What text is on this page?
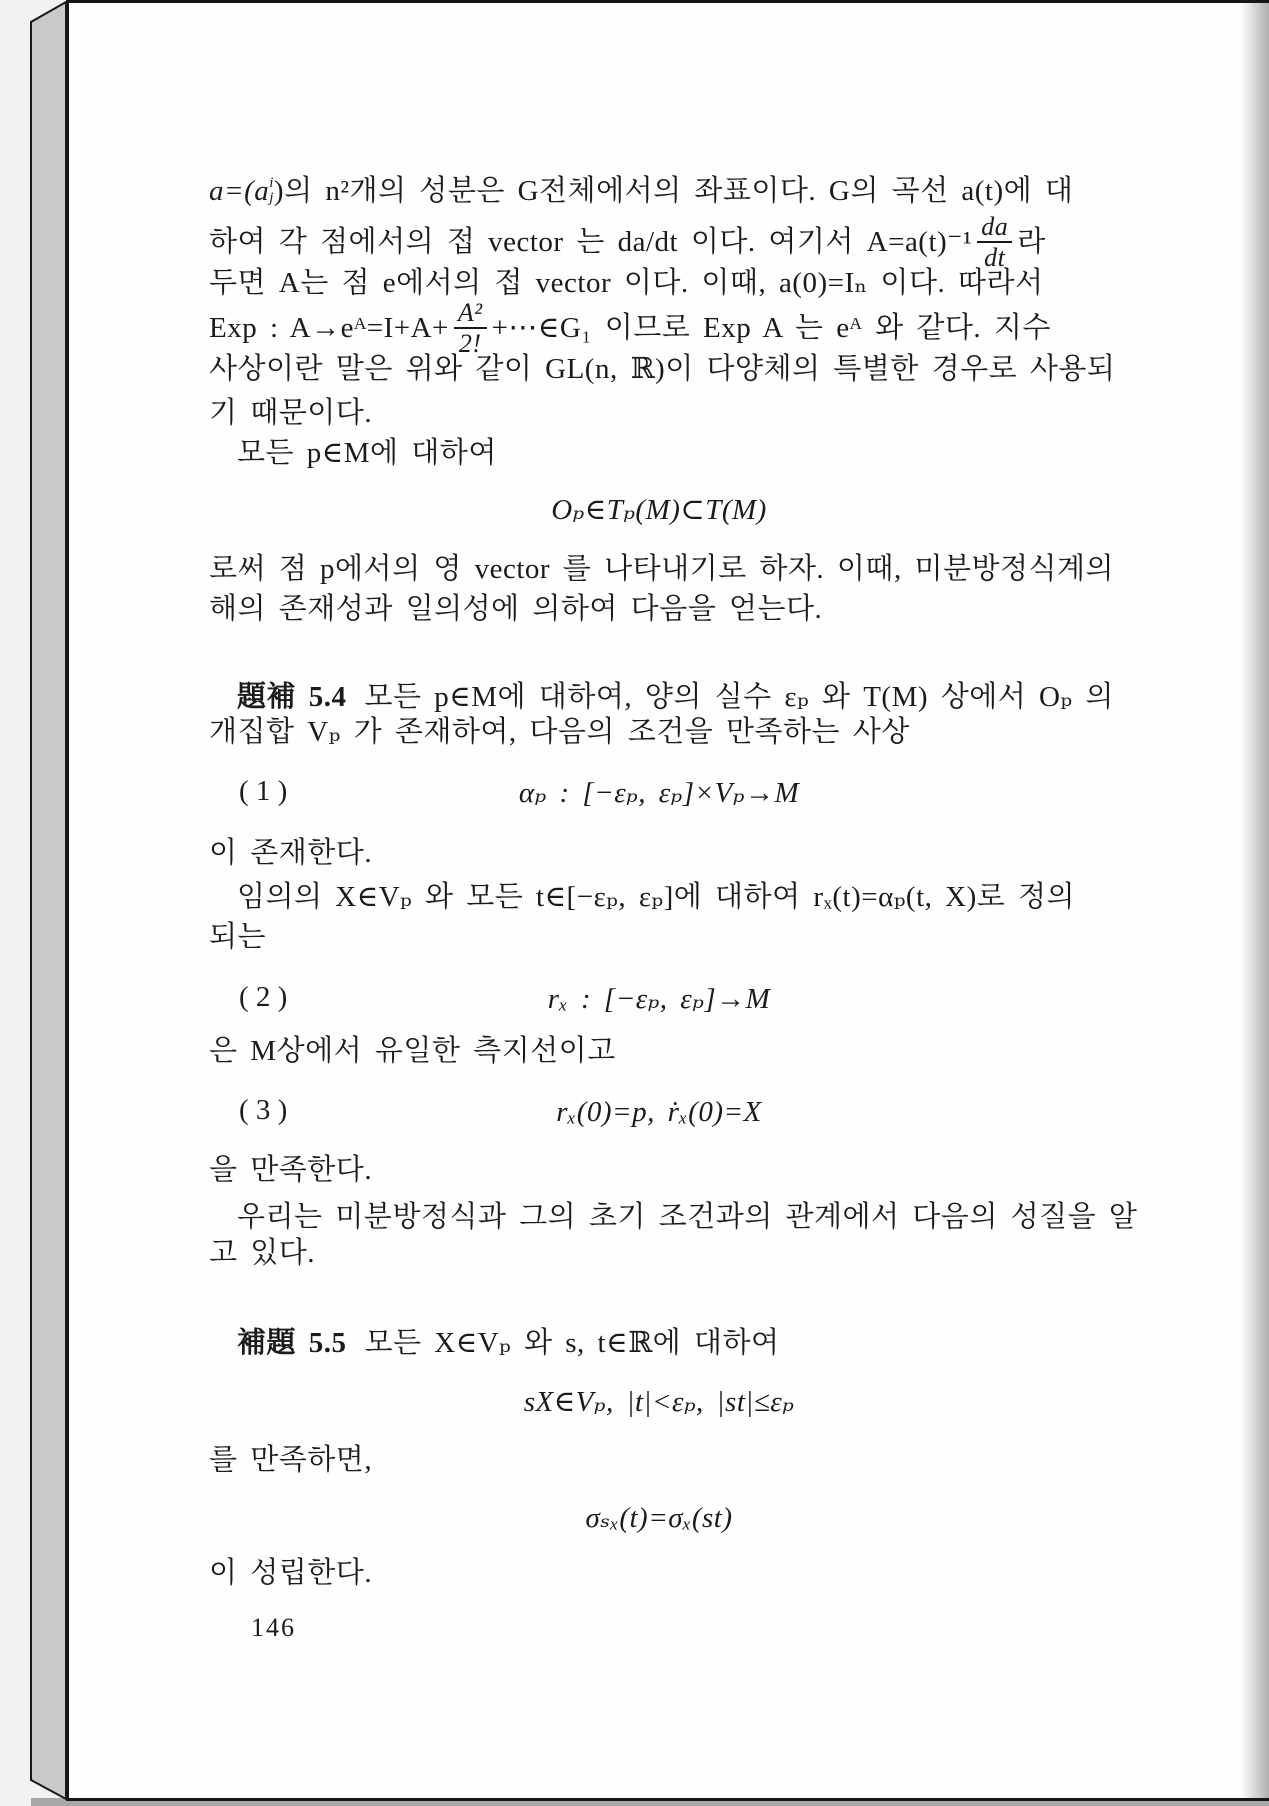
a=(a i
j )의 n²개의 성분은 G전체에서의 좌표이다. G의 곡선 a(t)에 대
하여 각 점에서의 접 vector 는 da/dt 이다. 여기서 $A=a(t)^{-1} \frac{da}{dt}$ 라
두면 A는 점 e에서의 접 vector 이다. 이때, a(0)=Iₙ 이다. 따라서
Exp : A→eᴬ=I+A+ $\frac{\text{A²}}{2!}$ +⋯∈G₁ 이므로 Exp A 는 eᴬ 와 같다. 지수
사상이란 말은 위와 같이 GL(n, ℝ)이 다양체의 특별한 경우로 사용되
기 때문이다.
모든 p∈M에 대하여
Oₚ∈Tₚ(M)⊂T(M)
로써 점 p에서의 영 vector 를 나타내기로 하자. 이때, 미분방정식계의
해의 존재성과 일의성에 의하여 다음을 얻는다.
題補 5.4 모든 p∈M에 대하여, 양의 실수 εₚ 와 T(M) 상에서 Oₚ 의
개집합 Vₚ 가 존재하여, 다음의 조건을 만족하는 사상
( 1 )	αₚ : [−εₚ, εₚ]×Vₚ→M
이 존재한다.
임의의 X∈Vₚ 와 모든 t∈[−εₚ, εₚ]에 대하여 rₓ(t)=αₚ(t, X)로 정의
되는
( 2 )	rₓ : [−εₚ, εₚ]→M
은 M상에서 유일한 측지선이고
( 3 )	rₓ(0)=p, ṙₓ(0)=X
을 만족한다.
우리는 미분방정식과 그의 초기 조건과의 관계에서 다음의 성질을 알
고 있다.
補題 5.5 모든 X∈Vₚ 와 s, t∈ℝ에 대하여
sX∈Vₚ, |t|<εₚ, |st|≤εₚ
를 만족하면,
σₛₓ(t)=σₓ(st)
이 성립한다.
146
